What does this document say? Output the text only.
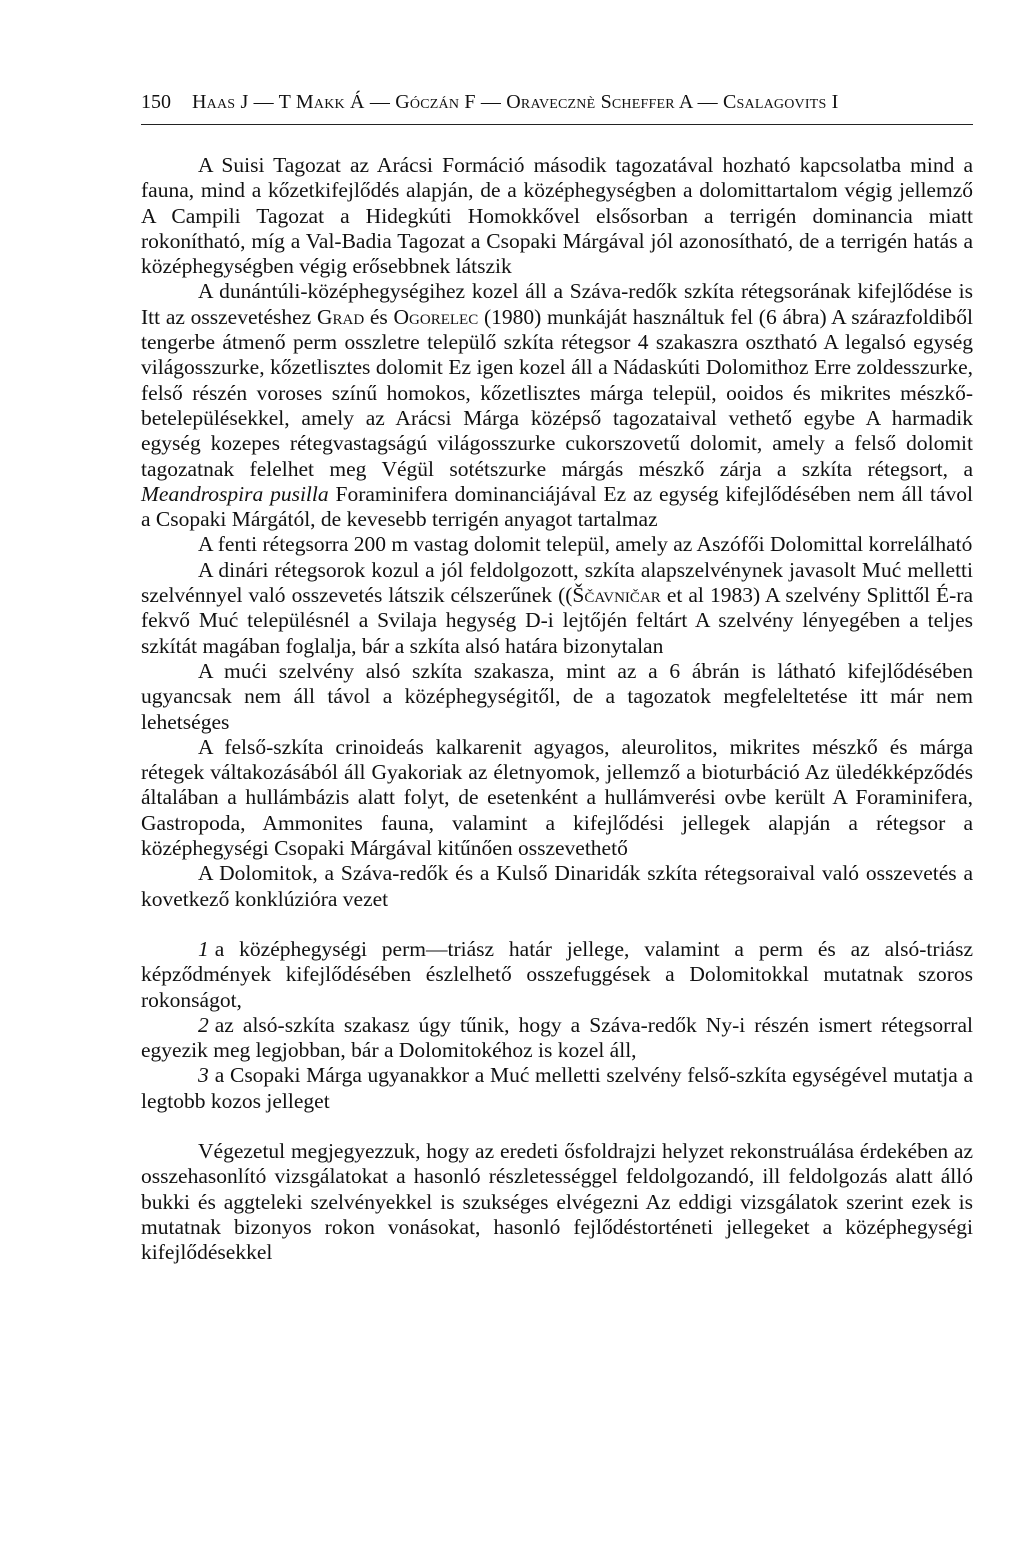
150 Haas J — T Makk Á — Góczán F — Oravecznè Scheffer A — Csalagovits I

A Suisi Tagozat az Arácsi Formáció második tagozatával hozható kapcsolatba mind a fauna, mind a kőzetkifejlődés alapján, de a középhegységben a dolomittartalom végig jellemző A Campili Tagozat a Hidegkúti Homokkővel elsősorban a terrigén dominancia miatt rokonítható, míg a Val-Badia Tagozat a Csopaki Márgával jól azonosítható, de a terrigén hatás a középhegységben végig erősebbnek látszik

A dunántúli-középhegységihez kozel áll a Száva-redők szkíta rétegsorának kifejlődése is Itt az osszevetéshez Grad és Ogorelec (1980) munkáját használtuk fel (6 ábra) A szárazfoldiből tengerbe átmenő perm osszletre települő szkíta rétegsor 4 szakaszra osztható A legalsó egység világosszurke, kőzetlisztes dolomit Ez igen kozel áll a Nádaskúti Dolomithoz Erre zoldesszurke, felső részén voroses színű homokos, kőzetlisztes márga települ, ooidos és mikrites mészkő-betelepülésekkel, amely az Arácsi Márga középső tagozataival vethető egybe A harmadik egység kozepes rétegvastagságú világosszurke cukorszovetű dolomit, amely a felső dolomit tagozatnak felelhet meg Végül sotétszurke márgás mészkő zárja a szkíta rétegsort, a Meandrospira pusilla Foraminifera dominanciájával Ez az egység kifejlődésében nem áll távol a Csopaki Márgától, de kevesebb terrigén anyagot tartalmaz

A fenti rétegsorra 200 m vastag dolomit települ, amely az Aszófői Dolomittal korrelálható

A dinári rétegsorok kozul a jól feldolgozott, szkíta alapszelvénynek javasolt Muć melletti szelvénnyel való osszevetés látszik célszerűnek ((Ščavničar et al 1983) A szelvény Splittől É-ra fekvő Muć településnél a Svilaja hegység D-i lejtőjén feltárt A szelvény lényegében a teljes szkítát magában foglalja, bár a szkíta alsó határa bizonytalan

A mući szelvény alsó szkíta szakasza, mint az a 6 ábrán is látható kifejlődésében ugyancsak nem áll távol a középhegységitől, de a tagozatok megfeleltetése itt már nem lehetséges

A felső-szkíta crinoideás kalkarenit agyagos, aleurolitos, mikrites mészkő és márga rétegek váltakozásából áll Gyakoriak az életnyomok, jellemző a bioturbáció Az üledékképződés általában a hullámbázis alatt folyt, de esetenként a hullámverési ovbe került A Foraminifera, Gastropoda, Ammonites fauna, valamint a kifejlődési jellegek alapján a rétegsor a középhegységi Csopaki Márgával kitűnően osszevethető

A Dolomitok, a Száva-redők és a Kulső Dinaridák szkíta rétegsoraival való osszevetés a kovetkező konklúzióra vezet

1 a középhegységi perm—triász határ jellege, valamint a perm és az alsó-triász képződmények kifejlődésében észlelhető osszefuggések a Dolomitokkal mutatnak szoros rokonságot,

2 az alsó-szkíta szakasz úgy tűnik, hogy a Száva-redők Ny-i részén ismert rétegsorral egyezik meg legjobban, bár a Dolomitokéhoz is kozel áll,

3 a Csopaki Márga ugyanakkor a Muć melletti szelvény felső-szkíta egységével mutatja a legtobb kozos jelleget

Végezetul megjegyezzuk, hogy az eredeti ősfoldrajzi helyzet rekonstruálása érdekében az osszehasonlító vizsgálatokat a hasonló részletességgel feldolgozandó, ill feldolgozás alatt álló bukki és aggteleki szelvényekkel is szukséges elvégezni Az eddigi vizsgálatok szerint ezek is mutatnak bizonyos rokon vonásokat, hasonló fejlődéstorténeti jellegeket a középhegységi kifejlődésekkel
